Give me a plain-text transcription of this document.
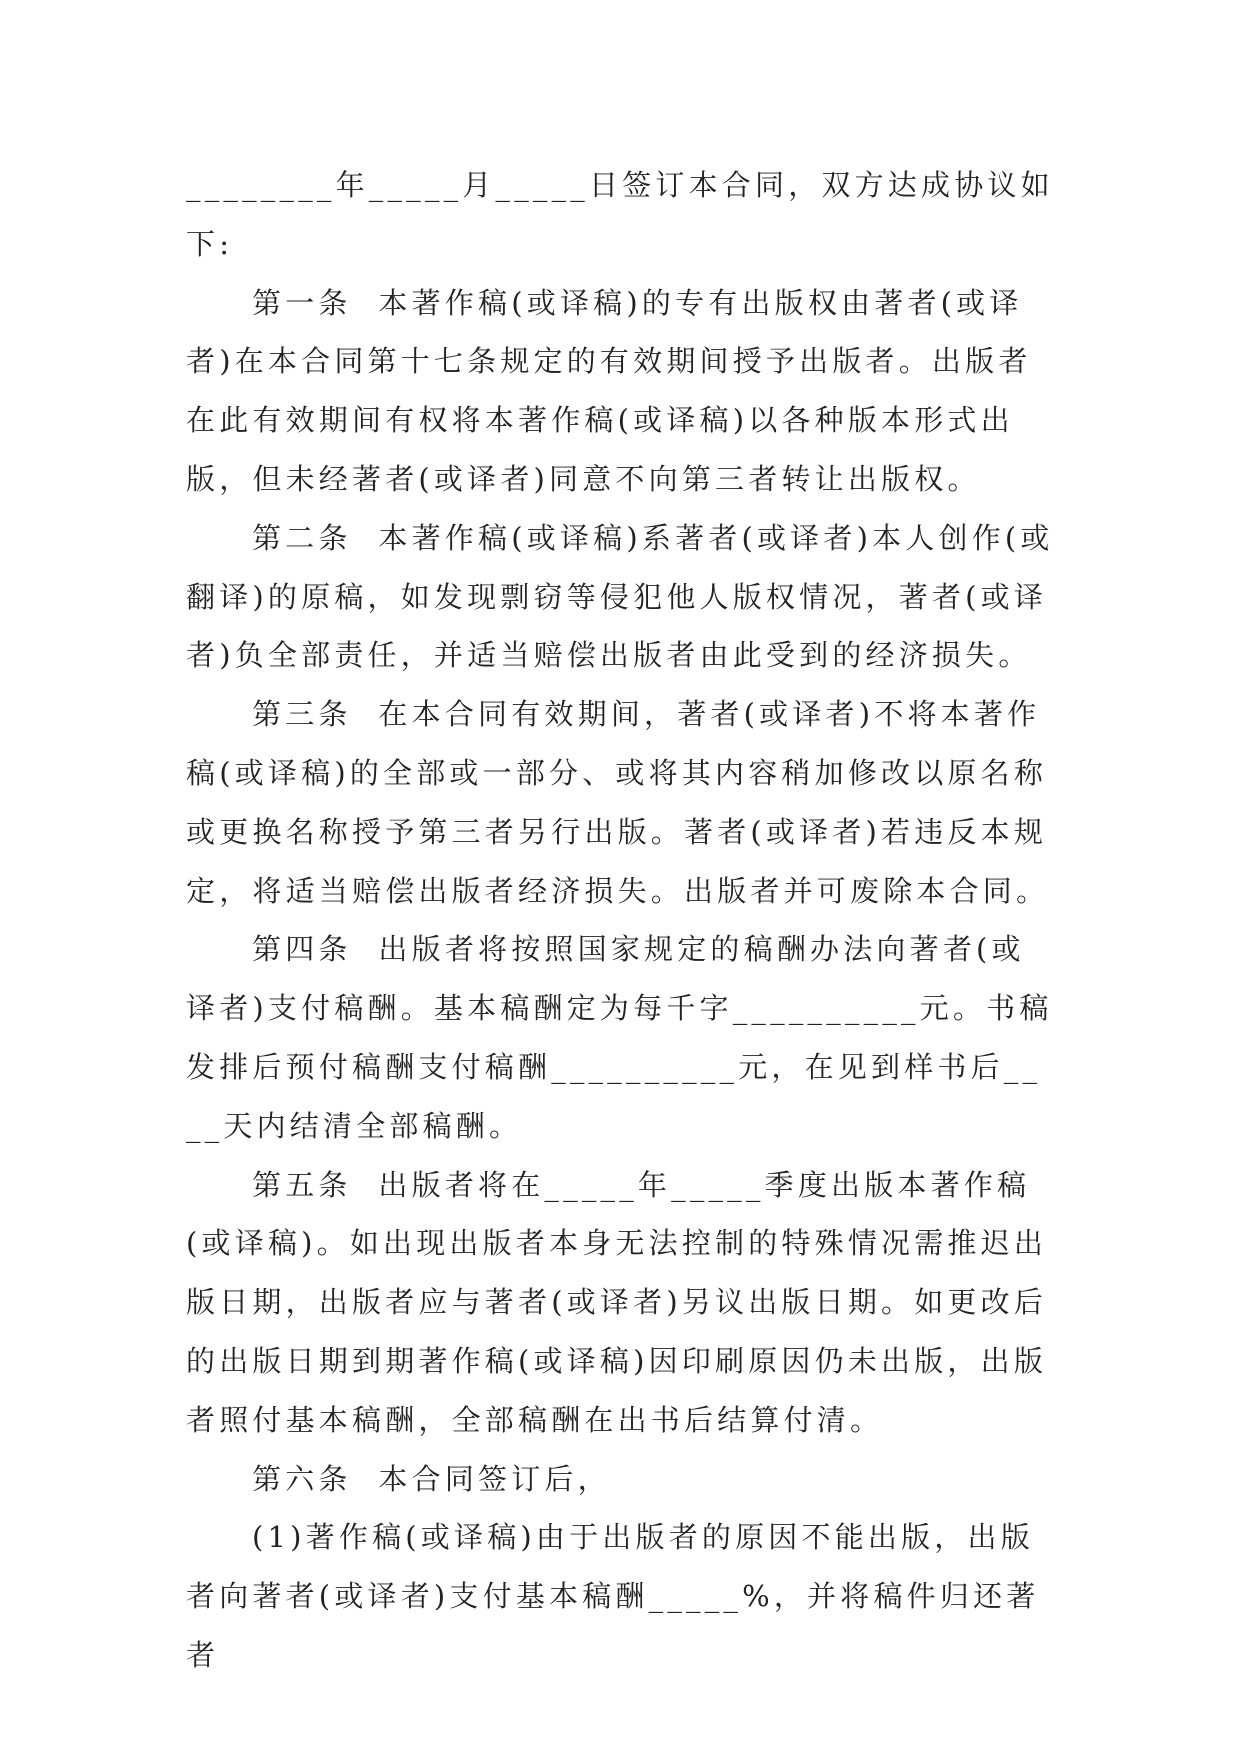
________年_____月_____日签订本合同，双方达成协议如下:

第一条  本著作稿(或译稿)的专有出版权由著者(或译者)在本合同第十七条规定的有效期间授予出版者。出版者在此有效期间有权将本著作稿(或译稿)以各种版本形式出版，但未经著者(或译者)同意不向第三者转让出版权。

第二条  本著作稿(或译稿)系著者(或译者)本人创作(或翻译)的原稿，如发现剽窃等侵犯他人版权情况，著者(或译者)负全部责任，并适当赔偿出版者由此受到的经济损失。

第三条  在本合同有效期间，著者(或译者)不将本著作稿(或译稿)的全部或一部分、或将其内容稍加修改以原名称或更换名称授予第三者另行出版。著者(或译者)若违反本规定，将适当赔偿出版者经济损失。出版者并可废除本合同。

第四条  出版者将按照国家规定的稿酬办法向著者(或译者)支付稿酬。基本稿酬定为每千字__________元。书稿发排后预付稿酬支付稿酬__________元，在见到样书后____天内结清全部稿酬。

第五条  出版者将在_____年_____季度出版本著作稿(或译稿)。如出现出版者本身无法控制的特殊情况需推迟出版日期，出版者应与著者(或译者)另议出版日期。如更改后的出版日期到期著作稿(或译稿)因印刷原因仍未出版，出版者照付基本稿酬，全部稿酬在出书后结算付清。

第六条  本合同签订后，

(1)著作稿(或译稿)由于出版者的原因不能出版，出版者向著者(或译者)支付基本稿酬_____%，并将稿件归还著者
